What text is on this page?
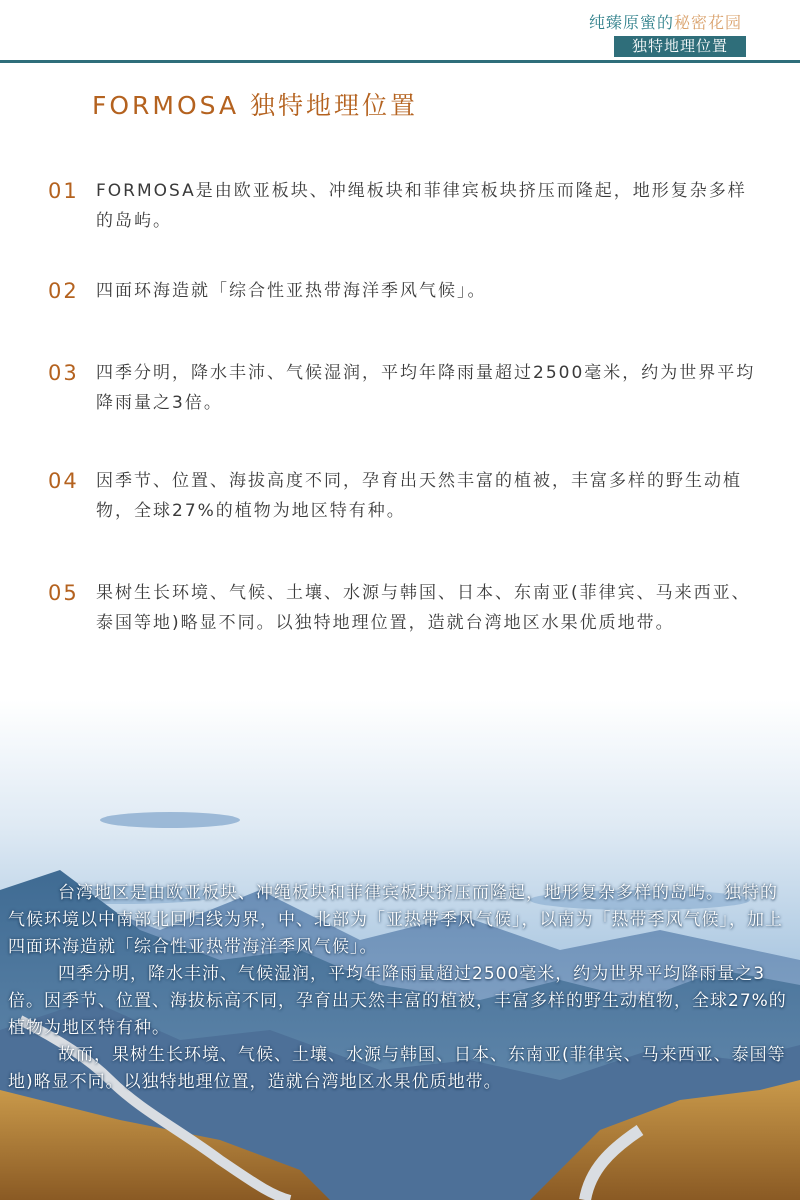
纯臻原蜜的秘密花园
独特地理位置
FORMOSA 独特地理位置
01	FORMOSA是由欧亚板块、冲绳板块和菲律宾板块挤压而隆起，地形复杂多样的岛屿。
02	四面环海造就「综合性亚热带海洋季风气候」。
03	四季分明，降水丰沛、气候湿润，平均年降雨量超过2500毫米，约为世界平均降雨量之3倍。
04	因季节、位置、海拔高度不同，孕育出天然丰富的植被，丰富多样的野生动植物，全球27%的植物为地区特有种。
05	果树生长环境、气候、土壤、水源与韩国、日本、东南亚(菲律宾、马来西亚、泰国等地)略显不同。以独特地理位置，造就台湾地区水果优质地带。

台湾地区是由欧亚板块、冲绳板块和菲律宾板块挤压而隆起，地形复杂多样的岛屿。独特的气候环境以中南部北回归线为界，中、北部为「亚热带季风气候」，以南为「热带季风气候」，加上四面环海造就「综合性亚热带海洋季风气候」。

四季分明，降水丰沛、气候湿润，平均年降雨量超过2500毫米，约为世界平均降雨量之3倍。因季节、位置、海拔标高不同，孕育出天然丰富的植被，丰富多样的野生动植物，全球27%的植物为地区特有种。

故而，果树生长环境、气候、土壤、水源与韩国、日本、东南亚(菲律宾、马来西亚、泰国等地)略显不同。以独特地理位置，造就台湾地区水果优质地带。
